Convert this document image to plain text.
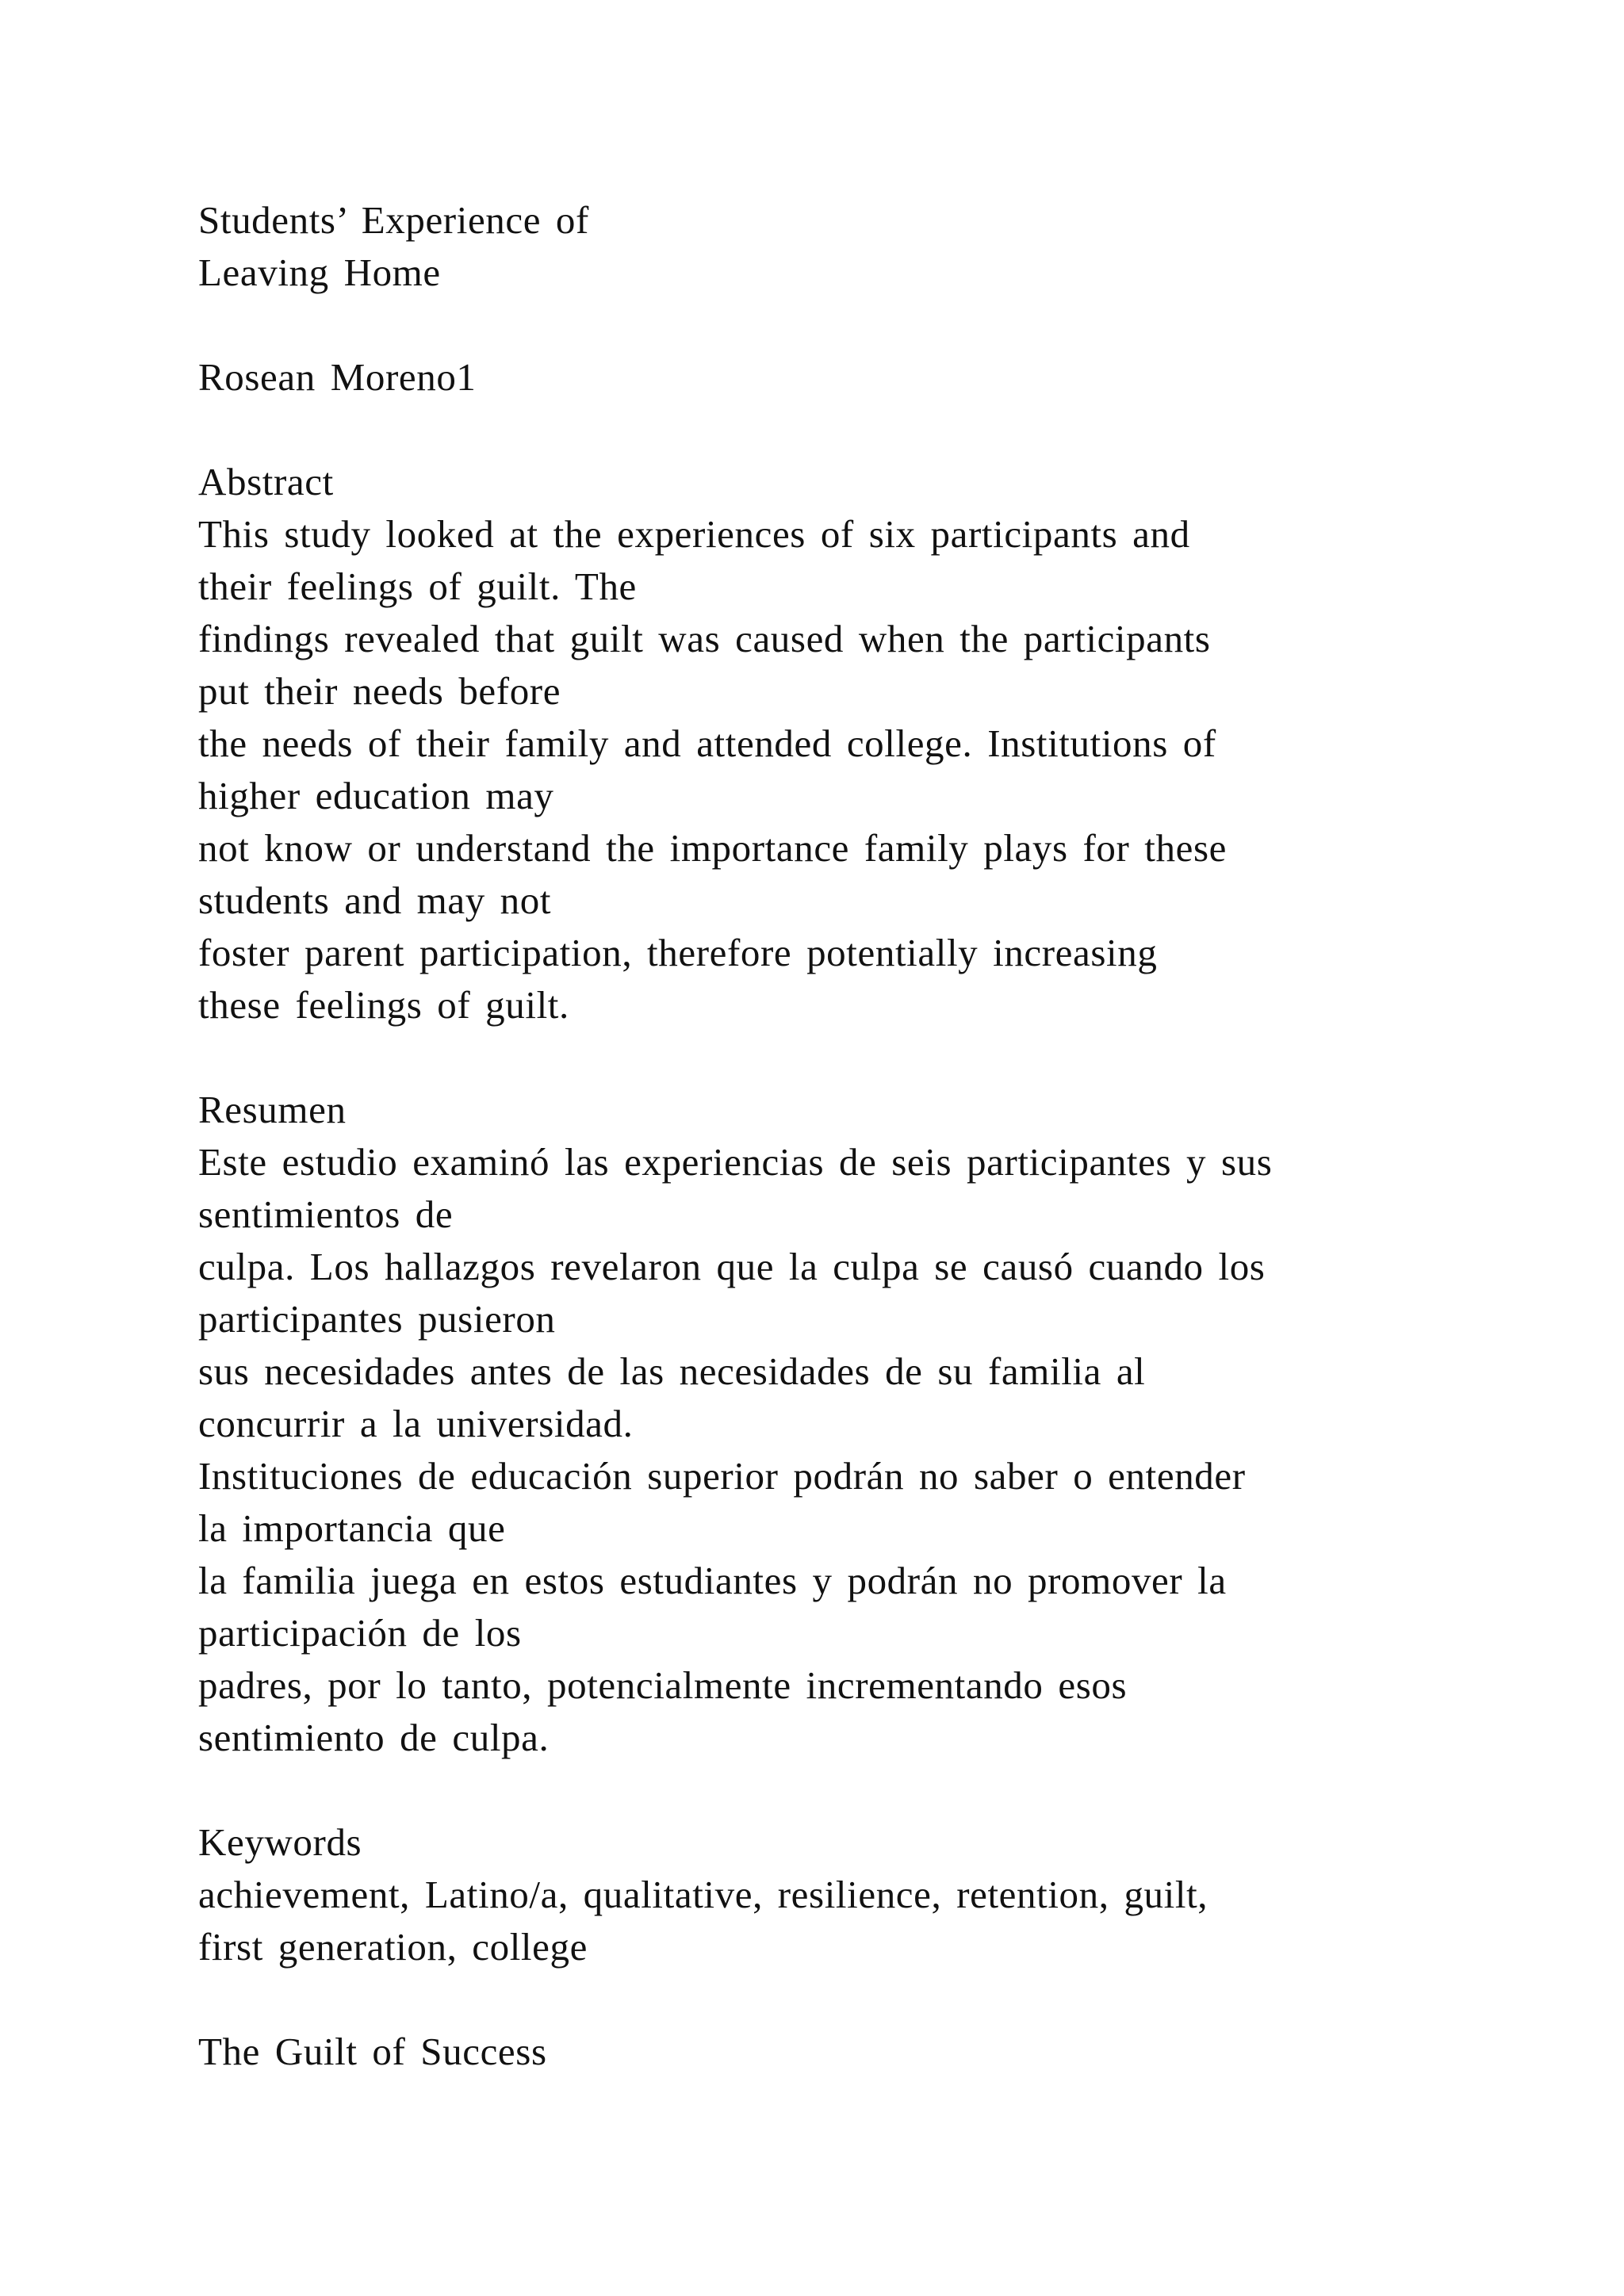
Students’ Experience of
Leaving Home
Rosean Moreno1
Abstract
This study looked at the experiences of six participants and
their feelings of guilt. The
findings revealed that guilt was caused when the participants
put their needs before
the needs of their family and attended college. Institutions of
higher education may
not know or understand the importance family plays for these
students and may not
foster parent participation, therefore potentially increasing
these feelings of guilt.
Resumen
Este estudio examinó las experiencias de seis participantes y sus
sentimientos de
culpa. Los hallazgos revelaron que la culpa se causó cuando los
participantes pusieron
sus necesidades antes de las necesidades de su familia al
concurrir a la universidad.
Instituciones de educación superior podrán no saber o entender
la importancia que
la familia juega en estos estudiantes y podrán no promover la
participación de los
padres, por lo tanto, potencialmente incrementando esos
sentimiento de culpa.
Keywords
achievement, Latino/a, qualitative, resilience, retention, guilt,
first generation, college
The Guilt of Success
